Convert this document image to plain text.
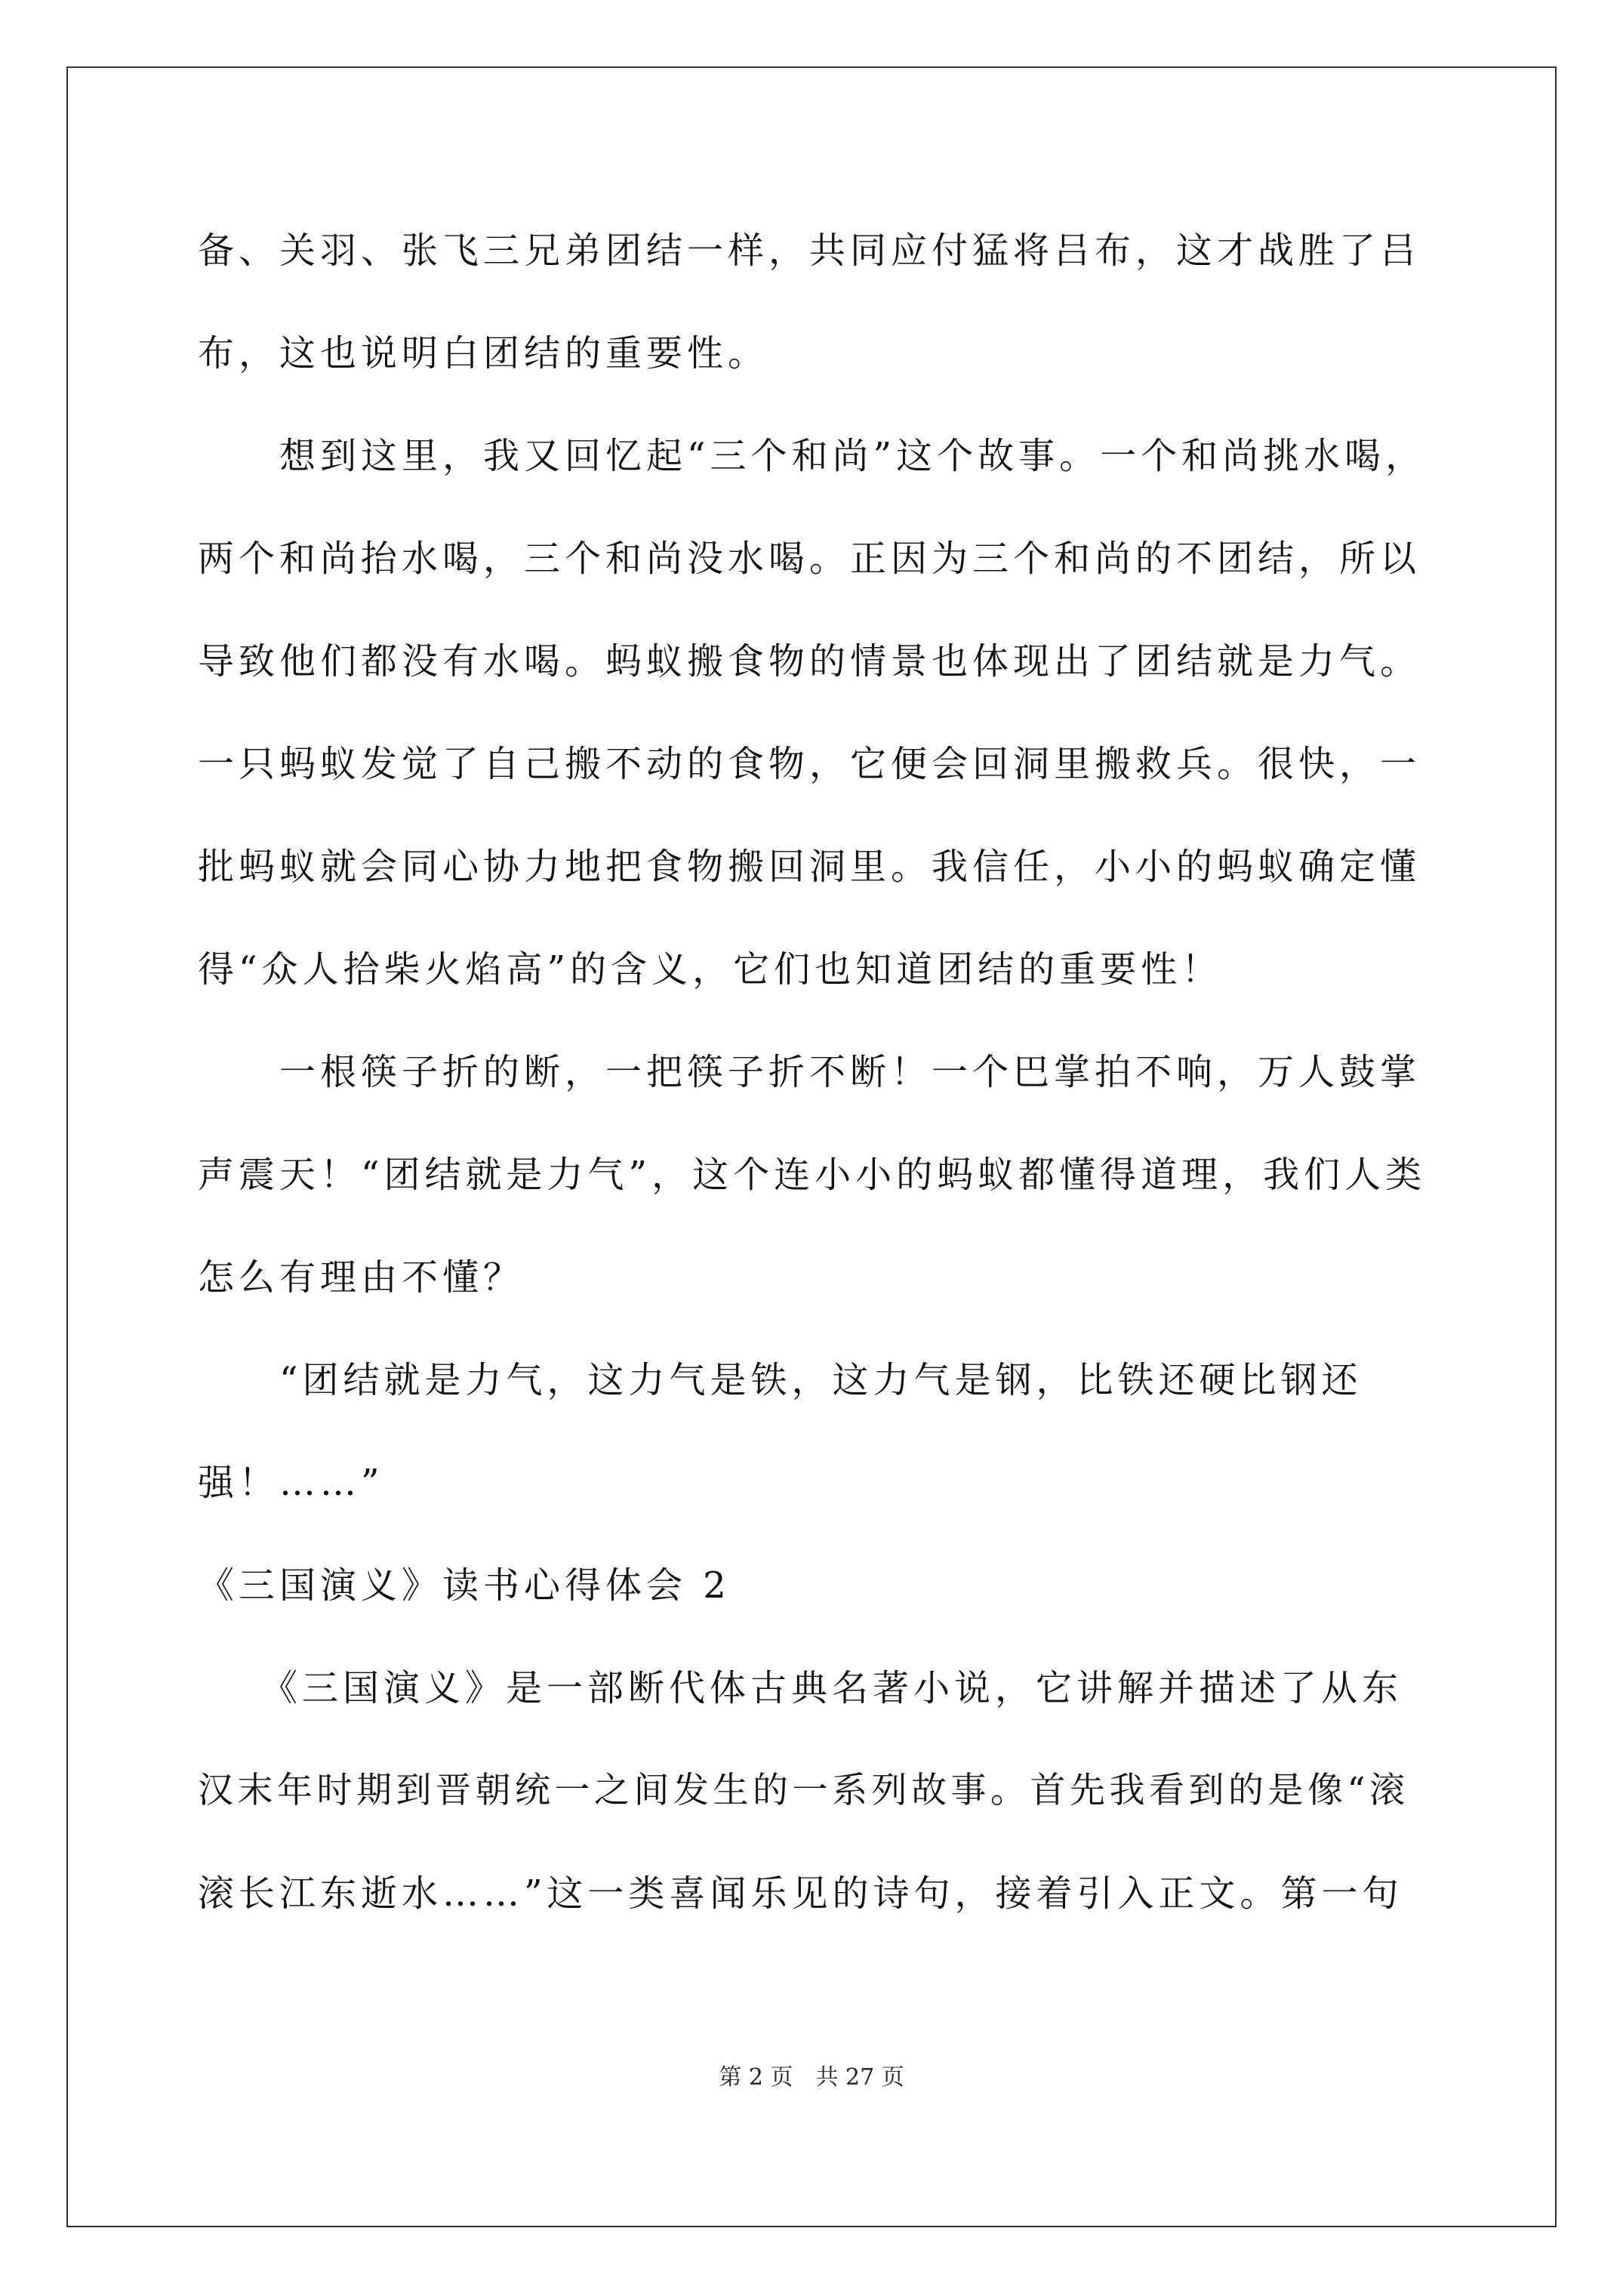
备、关羽、张飞三兄弟团结一样，共同应付猛将吕布，这才战胜了吕
布，这也说明白团结的重要性。
　　想到这里，我又回忆起“三个和尚”这个故事。一个和尚挑水喝，
两个和尚抬水喝，三个和尚没水喝。正因为三个和尚的不团结，所以
导致他们都没有水喝。蚂蚁搬食物的情景也体现出了团结就是力气。
一只蚂蚁发觉了自己搬不动的食物，它便会回洞里搬救兵。很快，一
批蚂蚁就会同心协力地把食物搬回洞里。我信任，小小的蚂蚁确定懂
得“众人拾柴火焰高”的含义，它们也知道团结的重要性！
　　一根筷子折的断，一把筷子折不断！一个巴掌拍不响，万人鼓掌
声震天！“团结就是力气”，这个连小小的蚂蚁都懂得道理，我们人类
怎么有理由不懂？
　　“团结就是力气，这力气是铁，这力气是钢，比铁还硬比钢还
强！……”
《三国演义》读书心得体会 2
　　《三国演义》是一部断代体古典名著小说，它讲解并描述了从东
汉末年时期到晋朝统一之间发生的一系列故事。首先我看到的是像“滚
滚长江东逝水……”这一类喜闻乐见的诗句，接着引入正文。第一句
第 2 页 共 27 页
